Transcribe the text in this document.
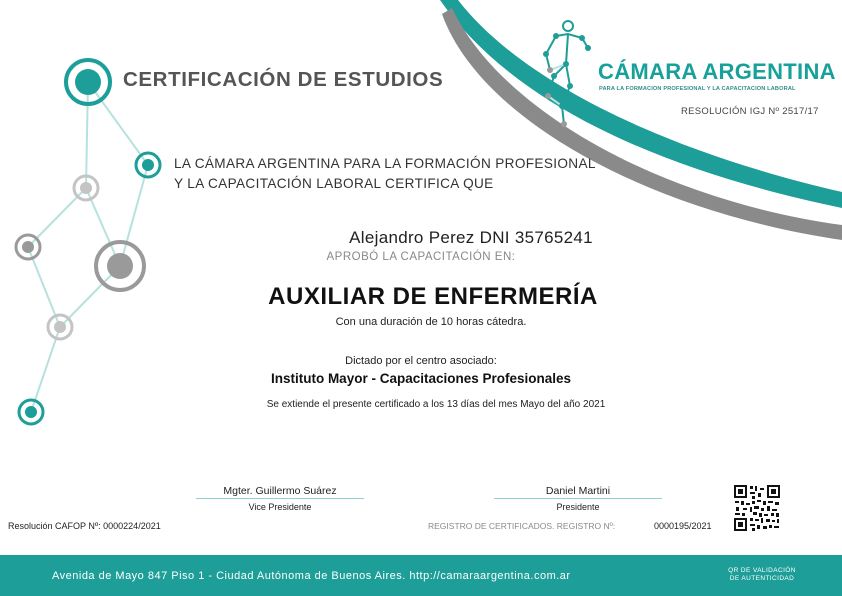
CÁMARA ARGENTINA
PARA LA FORMACION PROFESIONAL Y LA CAPACITACION LABORAL
RESOLUCIÓN IGJ Nº 2517/17
CERTIFICACIÓN DE ESTUDIOS
LA CÁMARA ARGENTINA PARA LA FORMACIÓN PROFESIONAL
Y LA CAPACITACIÓN LABORAL CERTIFICA QUE
Alejandro Perez DNI 35765241
APROBÓ LA CAPACITACIÓN EN:
AUXILIAR DE ENFERMERÍA
Con una duración de 10 horas cátedra.
Dictado por el centro asociado:
Instituto Mayor - Capacitaciones Profesionales
Se extiende el presente certificado a los 13 días del mes Mayo del año 2021
Mgter. Guillermo Suárez
Vice Presidente
Daniel Martini
Presidente
Resolución CAFOP Nº: 0000224/2021	REGISTRO DE CERTIFICADOS. REGISTRO Nº:	0000195/2021
Avenida de Mayo 847 Piso 1 - Ciudad Autónoma de Buenos Aires. http://camaraargentina.com.ar	QR DE VALIDACIÓN
DE AUTENTICIDAD
